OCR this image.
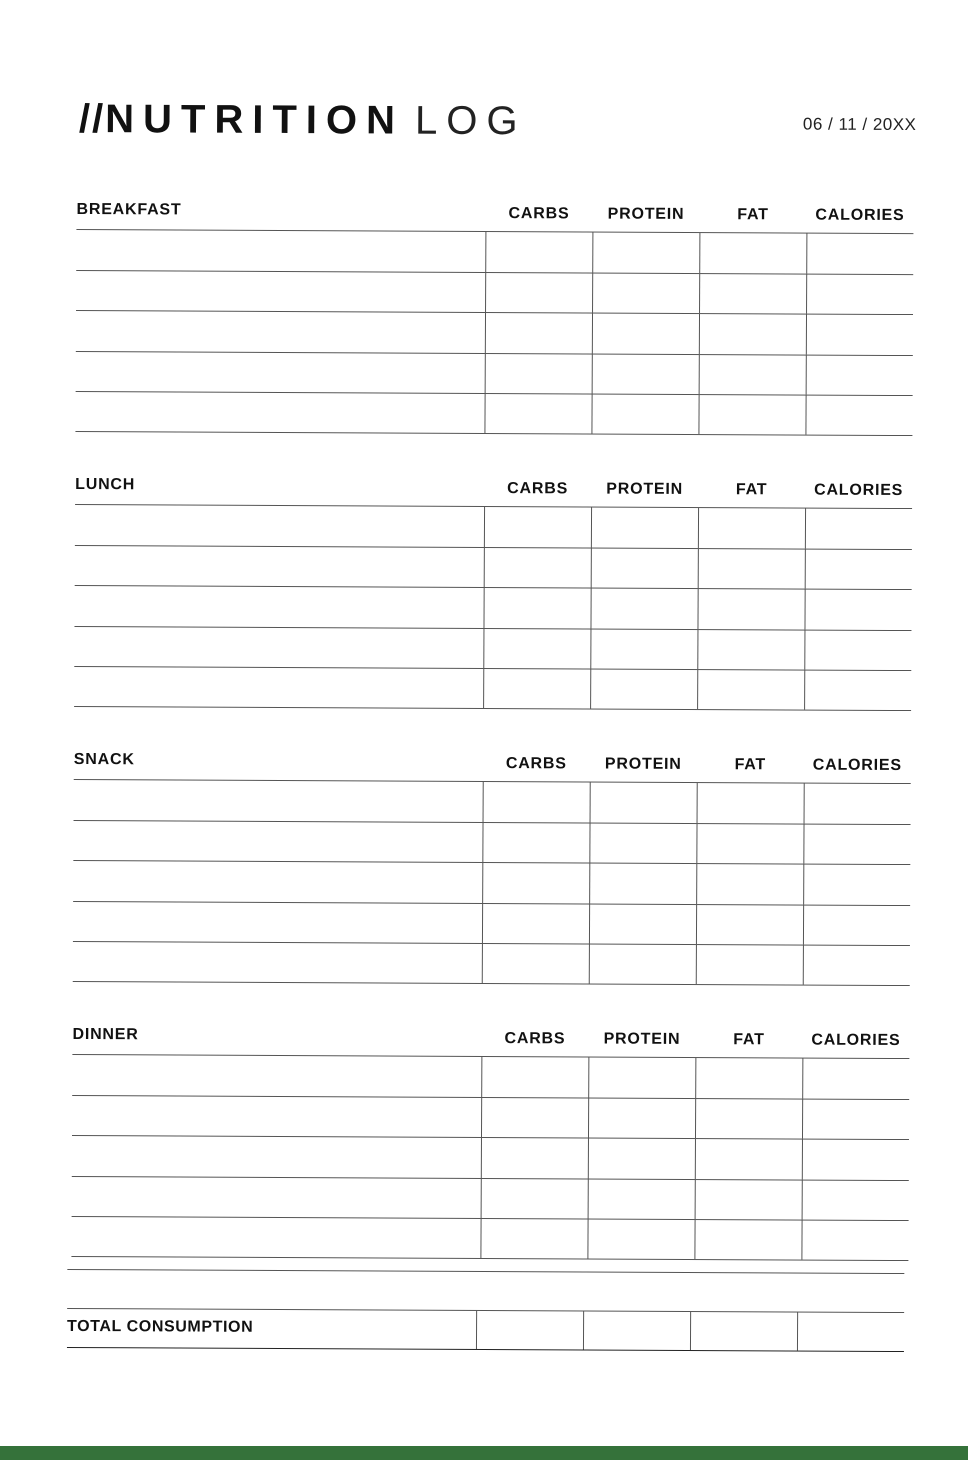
//NUTRITION LOG	06 / 11 / 20XX
BREAKFAST	CARBS	PROTEIN	FAT	CALORIES
LUNCH	CARBS	PROTEIN	FAT	CALORIES
SNACK	CARBS	PROTEIN	FAT	CALORIES
DINNER	CARBS	PROTEIN	FAT	CALORIES
TOTAL CONSUMPTION
